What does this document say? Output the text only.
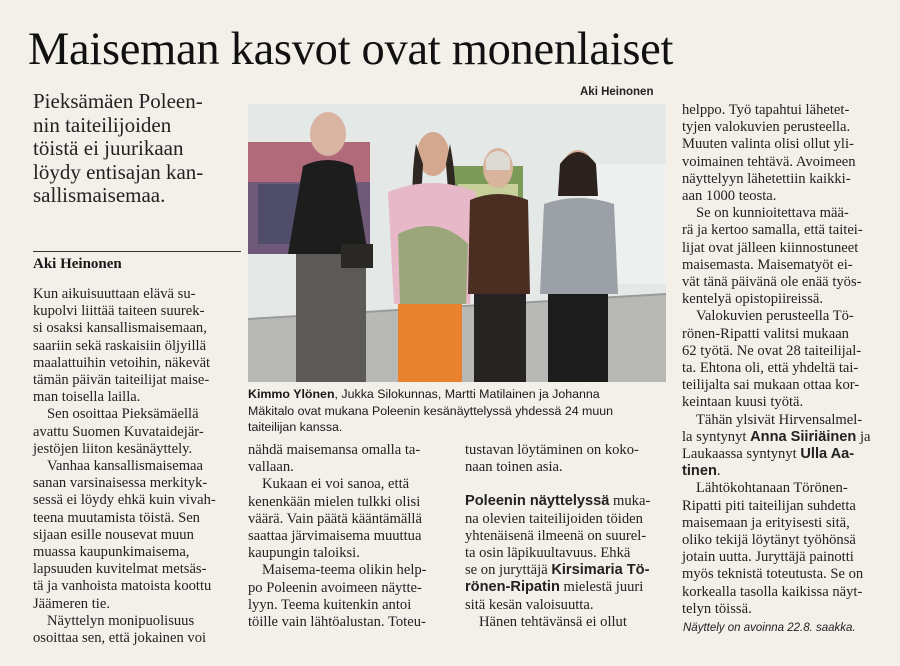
Maiseman kasvot ovat monenlaiset

Pieksämäen Poleen-

nin taiteilijoiden

töistä ei juurikaan

löydy entisajan kan-

sallismaisemaa.

Aki Heinonen
Aki Heinonen
Kimmo Ylönen, Jukka Silokunnas, Martti Matilainen ja Johanna
Mäkitalo ovat mukana Poleenin kesänäyttelyssä yhdessä 24 muun
taiteilijan kanssa.

Kun aikuisuuttaan elävä su-
kupolvi liittää taiteen suurek-
si osaksi kansallismaisemaan,
saariin sekä raskaisiin öljyillä
maalattuihin vetoihin, näkevät
tämän päivän taiteilijat maise-
man toisella lailla.

Sen osoittaa Pieksämäellä
avattu Suomen Kuvataidejär-
jestöjen liiton kesänäyttely.

Vanhaa kansallismaisemaa
sanan varsinaisessa merkityk-
sessä ei löydy ehkä kuin vivah-
teena muutamista töistä. Sen
sijaan esille nousevat muun
muassa kaupunkimaisema,
lapsuuden kuvitelmat metsäs-
tä ja vanhoista matoista koottu
Jäämeren tie.

Näyttelyn monipuolisuus
osoittaa sen, että jokainen voi

nähdä maisemansa omalla ta-
vallaan.

Kukaan ei voi sanoa, että
kenenkään mielen tulkki olisi
väärä. Vain päätä kääntämällä
saattaa järvimaisema muuttua
kaupungin taloiksi.

Maisema-teema olikin help-
po Poleenin avoimeen näytte-
lyyn. Teema kuitenkin antoi
töille vain lähtöalustan. Toteu-

tustavan löytäminen on koko-
naan toinen asia.

Poleenin näyttelyssä muka-
na olevien taiteilijoiden töiden
yhtenäisenä ilmeenä on suurel-
ta osin läpikuultavuus. Ehkä
se on juryttäjä Kirsimaria Tö-
rönen-Ripatin mielestä juuri
sitä kesän valoisuutta.

Hänen tehtävänsä ei ollut

helppo. Työ tapahtui lähetet-
tyjen valokuvien perusteella.
Muuten valinta olisi ollut yli-
voimainen tehtävä. Avoimeen
näyttelyyn lähetettiin kaikki-
aan 1000 teosta.

Se on kunnioitettava mää-
rä ja kertoo samalla, että taitei-
lijat ovat jälleen kiinnostuneet
maisemasta. Maisematyöt ei-
vät tänä päivänä ole enää työs-
kentelyä opistopiireissä.

Valokuvien perusteella Tö-
rönen-Ripatti valitsi mukaan
62 työtä. Ne ovat 28 taiteilijal-
ta. Ehtona oli, että yhdeltä tai-
teilijalta sai mukaan ottaa kor-
keintaan kuusi työtä.

Tähän ylsivät Hirvensalmel-
la syntynyt Anna Siiriäinen ja
Laukaassa syntynyt Ulla Aa-
tinen.

Lähtökohtanaan Törönen-
Ripatti piti taiteilijan suhdetta
maisemaan ja erityisesti sitä,
oliko tekijä löytänyt työhönsä
jotain uutta. Juryttäjä painotti
myös teknistä toteutusta. Se on
korkealla tasolla kaikissa näyt-
telyn töissä.

Näyttely on avoinna 22.8. saakka.
